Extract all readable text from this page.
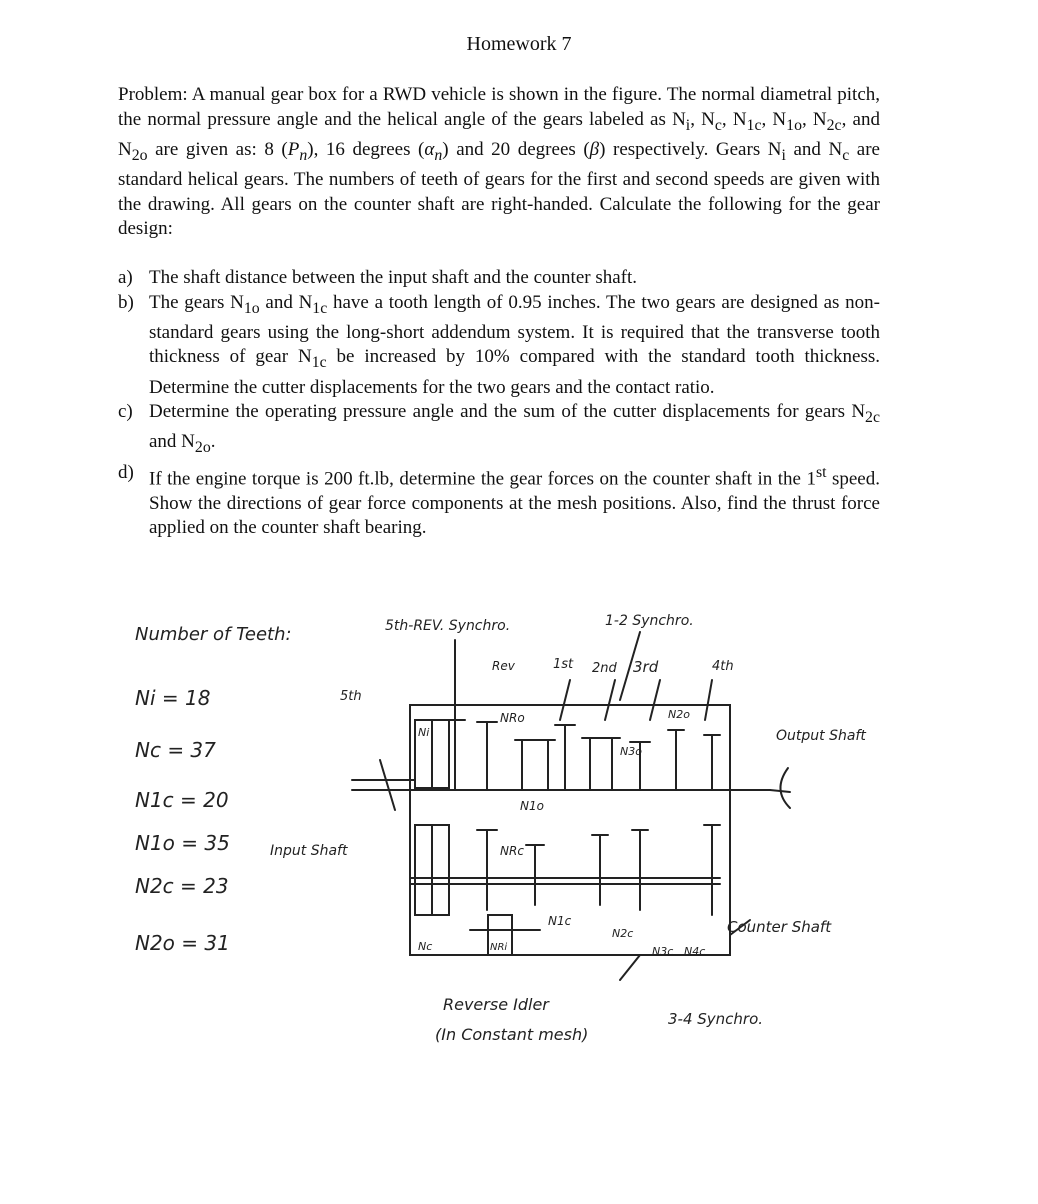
Homework 7

Problem: A manual gear box for a RWD vehicle is shown in the figure. The normal diametral pitch, the normal pressure angle and the helical angle of the gears labeled as $N_i$, $N_c$, $N_{1c}$, $N_{1o}$, $N_{2c}$, and $N_{2o}$ are given as: 8 $(P_n)$, 16 degrees $(\alpha_n)$ and 20 degrees (β) respectively. Gears $N_i$ and $N_c$ are standard helical gears. The numbers of teeth of gears for the first and second speeds are given with the drawing. All gears on the counter shaft are right-handed. Calculate the following for the gear design:

a) The shaft distance between the input shaft and the counter shaft.
b) The gears $N_{1o}$ and $N_{1c}$ have a tooth length of 0.95 inches. The two gears are designed as non-standard gears using the long-short addendum system. It is required that the transverse tooth thickness of gear $N_{1c}$ be increased by 10% compared with the standard tooth thickness. Determine the cutter displacements for the two gears and the contact ratio.
c) Determine the operating pressure angle and the sum of the cutter displacements for gears $N_{2c}$ and $N_{2o}$.
d) If the engine torque is 200 ft.lb, determine the gear forces on the counter shaft in the 1st speed. Show the directions of gear force components at the mesh positions. Also, find the thrust force applied on the counter shaft bearing.
Number of Teeth:
Ni = 18
Nc = 37
N1c = 20
N1o = 35
N2c = 23
N2o = 31
5th
5th-REV. Synchro.	1-2 Synchro.
Rev	1st 2nd 3rd	4th
Input Shaft
Output Shaft
Counter Shaft
Reverse Idler
(In Constant mesh)
3-4 Synchro.
Ni
NRo	N2o
N3o
N1o
NRc
N1c
N2c
N3c N4c
Nc	NRi
